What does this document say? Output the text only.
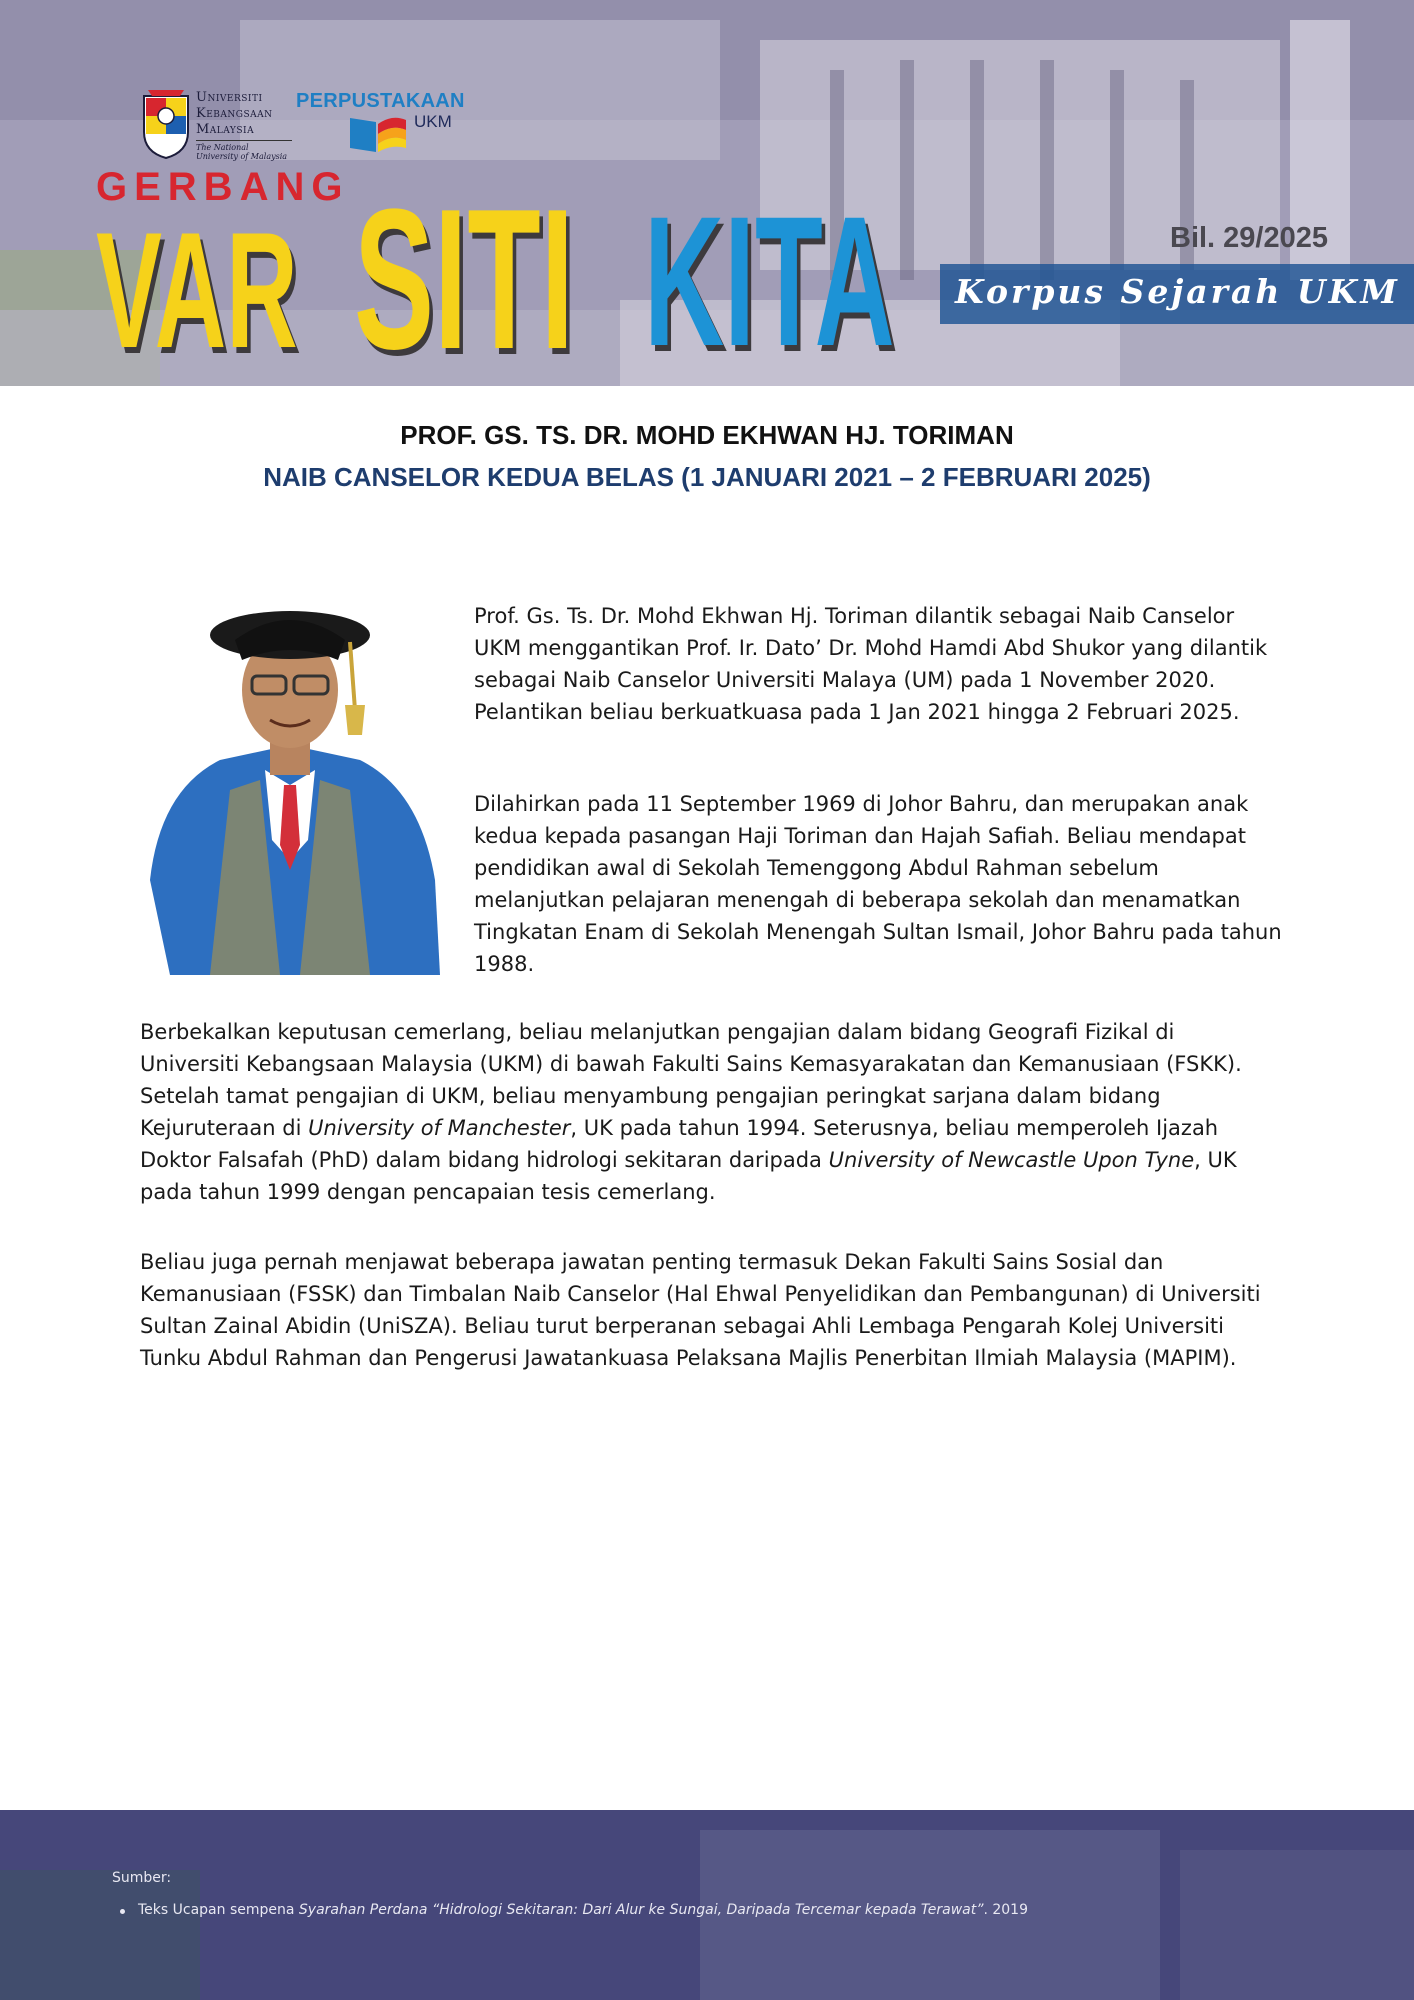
Universiti
Kebangsaan
Malaysia
The National University of Malaysia
PERPUSTAKAAN
UKM
GERBANG
VAR SITI KITA	Bil. 29/2025
Korpus Sejarah UKM
PROF. GS. TS. DR. MOHD EKHWAN HJ. TORIMAN
NAIB CANSELOR KEDUA BELAS (1 JANUARI 2021 – 2 FEBRUARI 2025)

Prof. Gs. Ts. Dr. Mohd Ekhwan Hj. Toriman dilantik sebagai Naib Canselor UKM menggantikan Prof. Ir. Dato’ Dr. Mohd Hamdi Abd Shukor yang dilantik sebagai Naib Canselor Universiti Malaya (UM) pada 1 November 2020. Pelantikan beliau berkuatkuasa pada 1 Jan 2021 hingga 2 Februari 2025.

Dilahirkan pada 11 September 1969 di Johor Bahru, dan merupakan anak kedua kepada pasangan Haji Toriman dan Hajah Safiah. Beliau mendapat pendidikan awal di Sekolah Temenggong Abdul Rahman sebelum melanjutkan pelajaran menengah di beberapa sekolah dan menamatkan Tingkatan Enam di Sekolah Menengah Sultan Ismail, Johor Bahru pada tahun 1988.

Berbekalkan keputusan cemerlang, beliau melanjutkan pengajian dalam bidang Geografi Fizikal di Universiti Kebangsaan Malaysia (UKM) di bawah Fakulti Sains Kemasyarakatan dan Kemanusiaan (FSKK). Setelah tamat pengajian di UKM, beliau menyambung pengajian peringkat sarjana dalam bidang Kejuruteraan di University of Manchester, UK pada tahun 1994. Seterusnya, beliau memperoleh Ijazah Doktor Falsafah (PhD) dalam bidang hidrologi sekitaran daripada University of Newcastle Upon Tyne, UK pada tahun 1999 dengan pencapaian tesis cemerlang.

Beliau juga pernah menjawat beberapa jawatan penting termasuk Dekan Fakulti Sains Sosial dan Kemanusiaan (FSSK) dan Timbalan Naib Canselor (Hal Ehwal Penyelidikan dan Pembangunan) di Universiti Sultan Zainal Abidin (UniSZA). Beliau turut berperanan sebagai Ahli Lembaga Pengarah Kolej Universiti Tunku Abdul Rahman dan Pengerusi Jawatankuasa Pelaksana Majlis Penerbitan Ilmiah Malaysia (MAPIM).

Sumber:
Teks Ucapan sempena Syarahan Perdana “Hidrologi Sekitaran: Dari Alur ke Sungai, Daripada Tercemar kepada Terawat”. 2019
